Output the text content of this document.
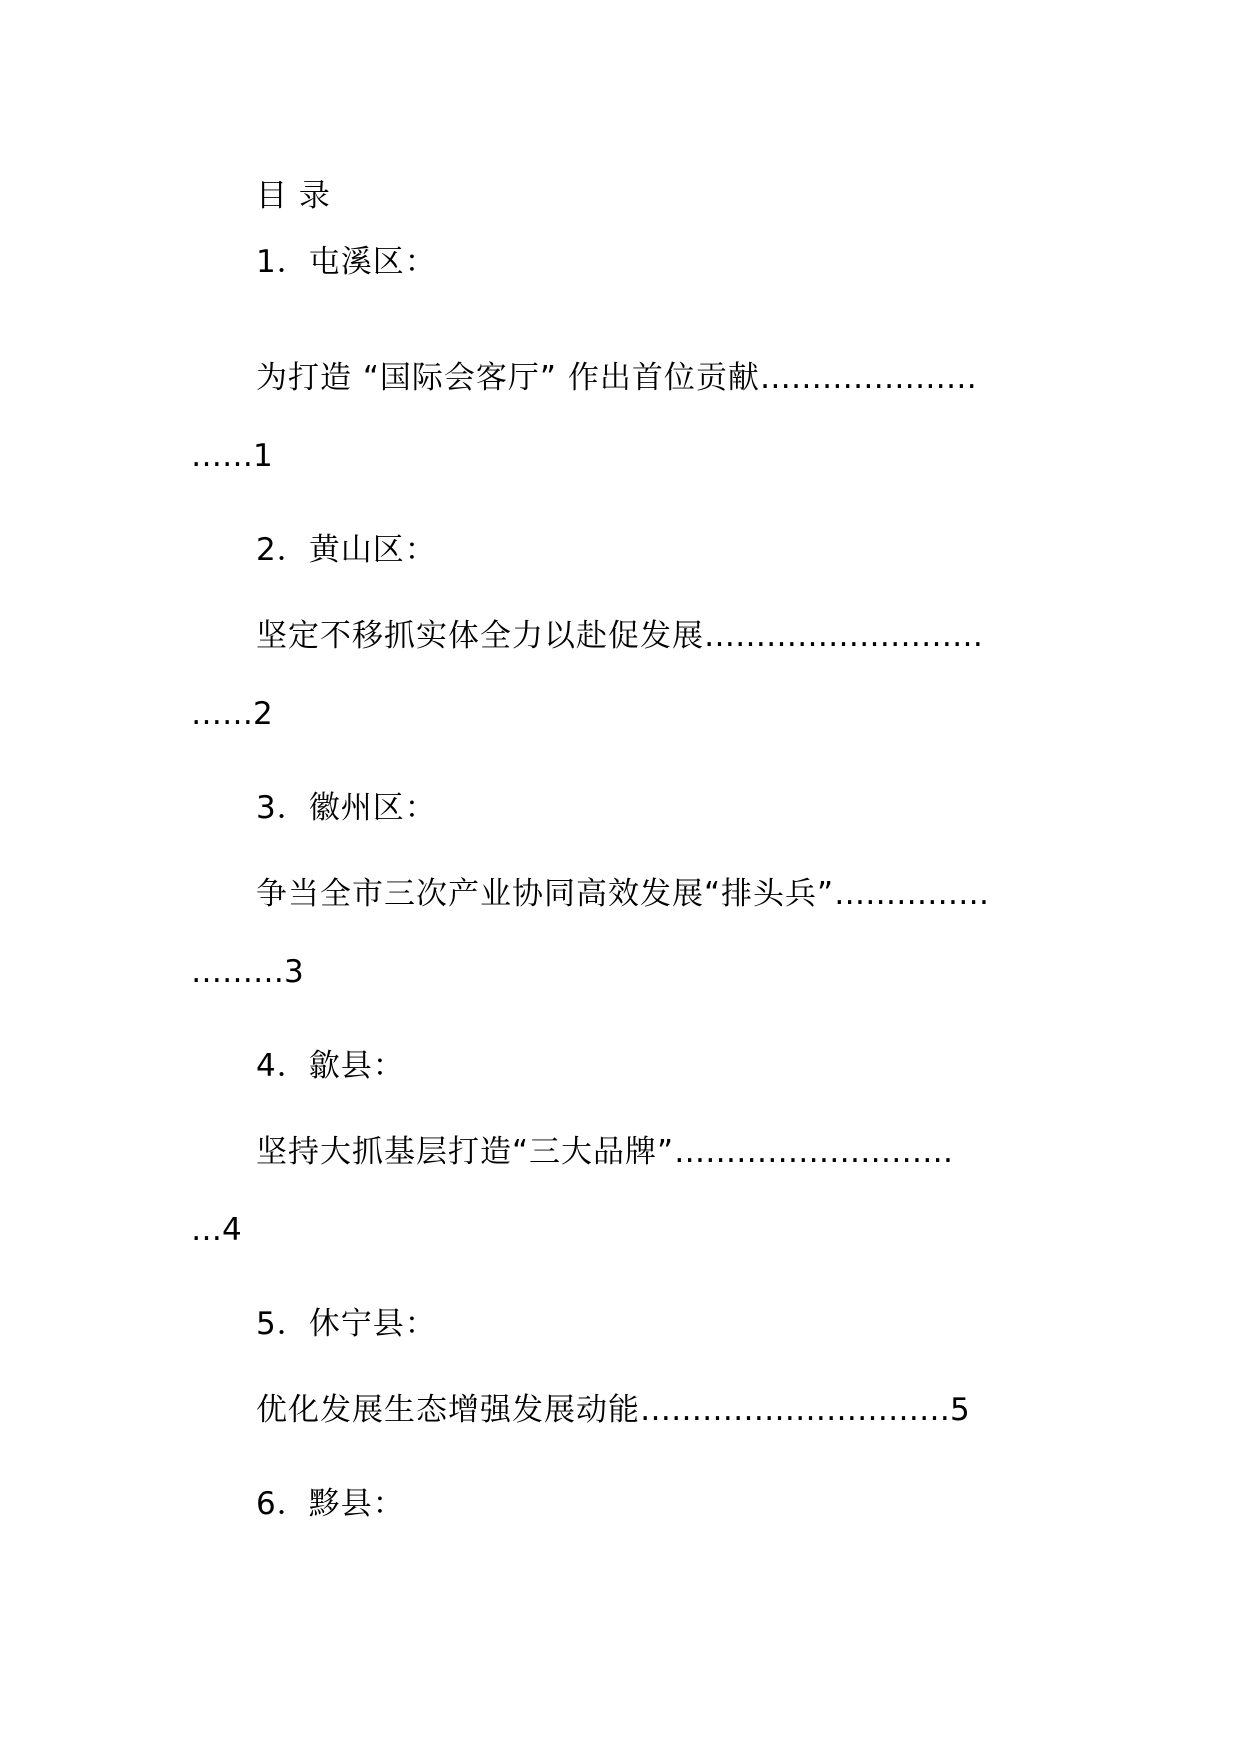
目 录
1．屯溪区：
为打造 “国际会客厅” 作出首位贡献…………………
……1
2．黄山区：
坚定不移抓实体全力以赴促发展………………………
……2
3．徽州区：
争当全市三次产业协同高效发展“排头兵”……………
………3
4．歙县：
坚持大抓基层打造“三大品牌”………………………
…4
5．休宁县：
优化发展生态增强发展动能…………………………5
6．黟县：
